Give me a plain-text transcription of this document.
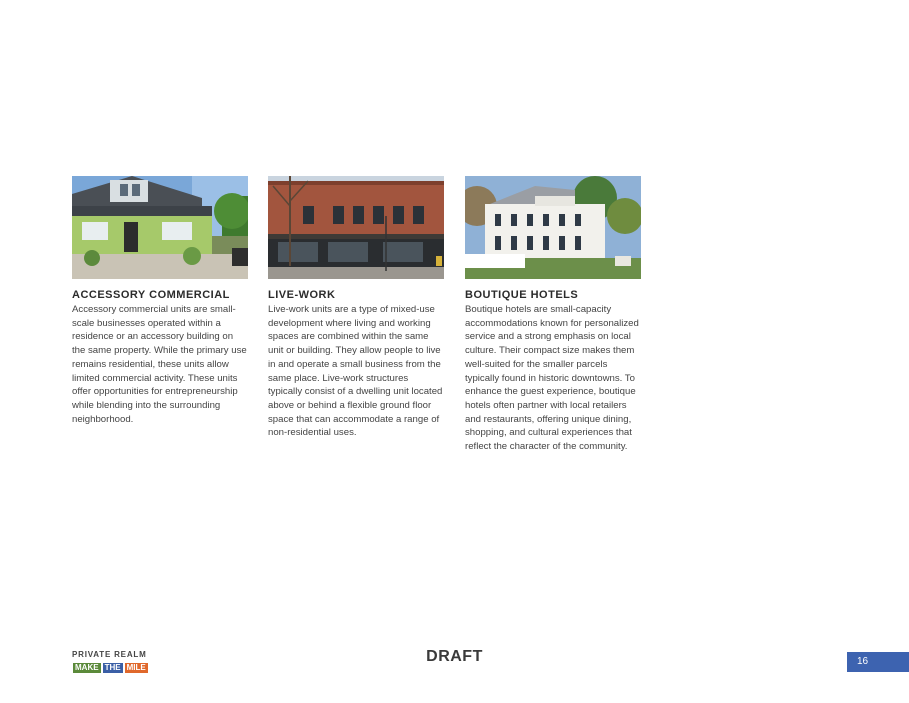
ACCESSORY COMMERCIAL

Accessory commercial units are small-scale businesses operated within a residence or an accessory building on the same property. While the primary use remains residential, these units allow limited commercial activity. These units offer opportunities for entrepreneurship while blending into the surrounding neighborhood.

LIVE-WORK

Live-work units are a type of mixed-use development where living and working spaces are combined within the same unit or building. They allow people to live in and operate a small business from the same place. Live-work structures typically consist of a dwelling unit located above or behind a flexible ground floor space that can accommodate a range of non-residential uses.

BOUTIQUE HOTELS

Boutique hotels are small-capacity accommodations known for personalized service and a strong emphasis on local culture. Their compact size makes them well-suited for the smaller parcels typically found in historic downtowns. To enhance the guest experience, boutique hotels often partner with local retailers and restaurants, offering unique dining, shopping, and cultural experiences that reflect the character of the community.

PRIVATE REALM
MAKE THE MILE
DRAFT	16
